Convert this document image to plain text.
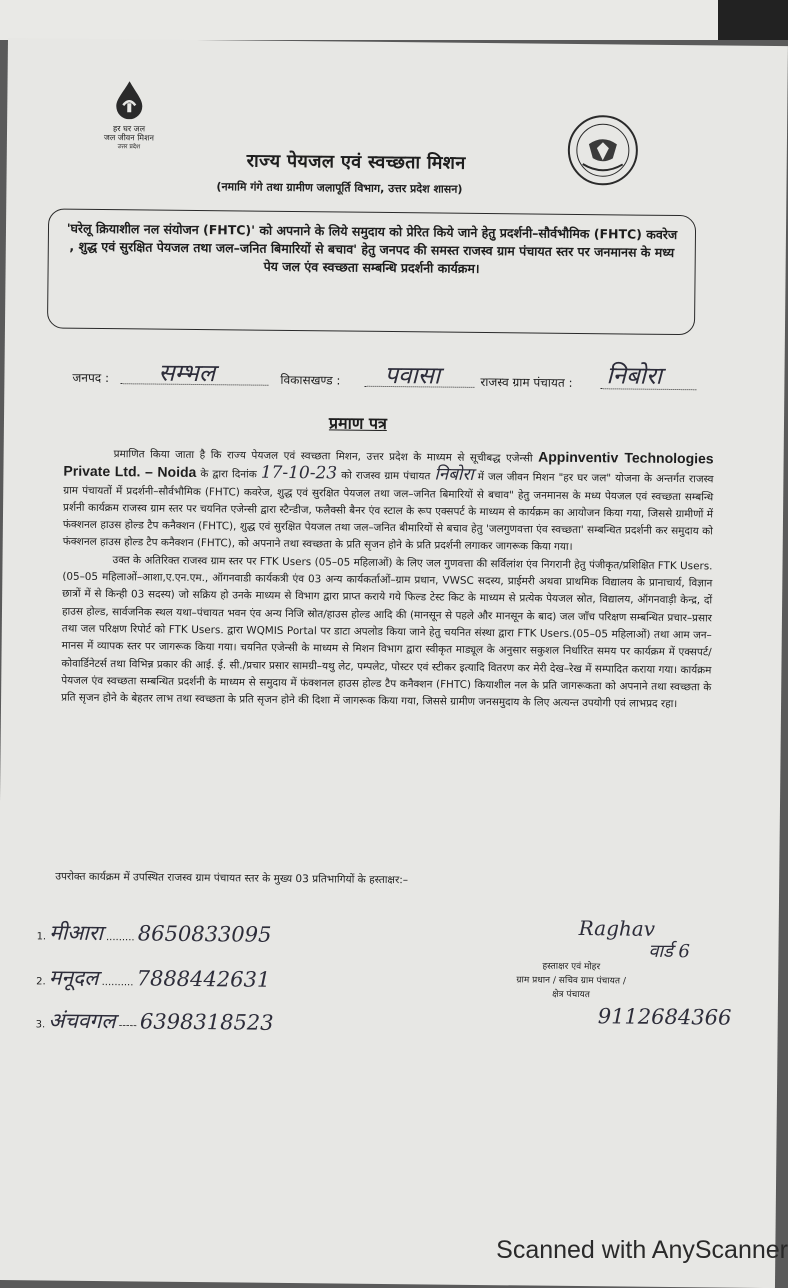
हर घर जल
जल जीवन मिशन
उत्तर प्रदेश
राज्य पेयजल एवं स्वच्छता मिशन
(नमामि गंगे तथा ग्रामीण जलापूर्ति विभाग, उत्तर प्रदेश शासन)
'घरेलू क्रियाशील नल संयोजन (FHTC)' को अपनाने के लिये समुदाय को प्रेरित किये जाने हेतु प्रदर्शनी–सौर्वभौमिक (FHTC) कवरेज , शुद्ध एवं सुरक्षित पेयजल तथा जल–जनित बिमारियों से बचाव' हेतु जनपद की समस्त राजस्व ग्राम पंचायत स्तर पर जनमानस के मध्य पेय जल एंव स्वच्छता सम्बन्धि प्रदर्शनी कार्यक्रम।
जनपद : सम्भल	विकासखण्ड : पवासा	राजस्व ग्राम पंचायत : निबोरा
प्रमाण पत्र

प्रमाणित किया जाता है कि राज्य पेयजल एवं स्वच्छता मिशन, उत्तर प्रदेश के माध्यम से सूचीबद्ध एजेन्सी Appinventiv Technologies Private Ltd. – Noida के द्वारा दिनांक 17-10-23 को राजस्व ग्राम पंचायत निबोरा में जल जीवन मिशन "हर घर जल" योजना के अन्तर्गत राजस्व ग्राम पंचायतों में प्रदर्शनी–सौर्वभौमिक (FHTC) कवरेज, शुद्ध एवं सुरक्षित पेयजल तथा जल–जनित बिमारियों से बचाव" हेतु जनमानस के मध्य पेयजल एवं स्वच्छता सम्बन्धि प्रर्शनी कार्यक्रम राजस्व ग्राम स्तर पर चयनित एजेन्सी द्वारा स्टैन्डीज, फलैक्सी बैनर एंव स्टाल के रूप एक्सपर्ट के माध्यम से कार्यक्रम का आयोजन किया गया, जिससे ग्रामीणों में फंक्शनल हाउस होल्ड टैप कनैक्शन (FHTC), शुद्ध एवं सुरक्षित पेयजल तथा जल–जनित बीमारियों से बचाव हेतु 'जलगुणवत्ता एंव स्वच्छता' सम्बन्धित प्रदर्शनी कर समुदाय को फंक्शनल हाउस होल्ड टैप कनैक्शन (FHTC), को अपनाने तथा स्वच्छता के प्रति सृजन होने के प्रति प्रदर्शनी लगाकर जागरूक किया गया।

उक्त के अतिरिक्त राजस्व ग्राम स्तर पर FTK Users (05–05 महिलाओं) के लिए जल गुणवत्ता की सर्विलांश एंव निगरानी हेतु पंजीकृत/प्रशिक्षित FTK Users.(05–05 महिलाओं–आशा,ए.एन.एम., ऑगनवाडी कार्यकत्री एंव 03 अन्य कार्यकर्ताओं–ग्राम प्रधान, VWSC सदस्य, प्राईमरी अथवा प्राथमिक विद्यालय के प्रानाचार्य, विज्ञान छात्रों में से किन्ही 03 सदस्य) जो सक्रिय हो उनके माध्यम से विभाग द्वारा प्राप्त कराये गये फिल्ड टेस्ट किट के माध्यम से प्रत्येक पेयजल स्रोत, विद्यालय, ऑगनवाड़ी केन्द्र, दों हाउस होल्ड, सार्वजनिक स्थल यथा–पंचायत भवन एंव अन्य निजि स्रोत/हाउस होल्ड आदि की (मानसून से पहले और मानसून के बाद) जल जाँच परिक्षण सम्बन्धित प्रचार–प्रसार तथा जल परिक्षण रिपोर्ट को FTK Users. द्वारा WQMIS Portal पर डाटा अपलोड किया जाने हेतु चयनित संस्था द्वारा FTK Users.(05–05 महिलाओं) तथा आम जन–मानस में व्यापक स्तर पर जागरूक किया गया। चयनित एजेन्सी के माध्यम से मिशन विभाग द्वारा स्वीकृत माड्यूल के अनुसार सकुशल निर्धारित समय पर कार्यक्रम में एक्सपर्ट/कोवार्डिनेटर्स तथा विभिन्न प्रकार की आई. ई. सी./प्रचार प्रसार सामग्री–यथु लेट, पम्पलेट, पोस्टर एवं स्टीकर इत्यादि वितरण कर मेरी देख–रेख में सम्पादित कराया गया। कार्यक्रम पेयजल एंव स्वच्छता सम्बन्धित प्रदर्शनी के माध्यम से समुदाय में फंक्शनल हाउस होल्ड टैप कनैक्शन (FHTC) कियाशील नल के प्रति जागरूकता को अपनाने तथा स्वच्छता के प्रति सृजन होने के बेहतर लाभ तथा स्वच्छता के प्रति सृजन होने की दिशा में जागरूक किया गया, जिससे ग्रामीण जनसमुदाय के लिए अत्यन्त उपयोगी एवं लाभप्रद रहा।

उपरोक्त कार्यक्रम में उपस्थित राजस्व ग्राम पंचायत स्तर के मुख्य 03 प्रतिभागियों के हस्ताक्षर:–
1. मीआरा ......... 8650833095
2. मनूदल .......... 7888442631
3. अंचवगल ----- 6398318523
Raghav
वार्ड 6
हस्ताक्षर एवं मोहर
ग्राम प्रधान / सचिव ग्राम पंचायत /
क्षेत्र पंचायत
9112684366
Scanned with AnyScanner
